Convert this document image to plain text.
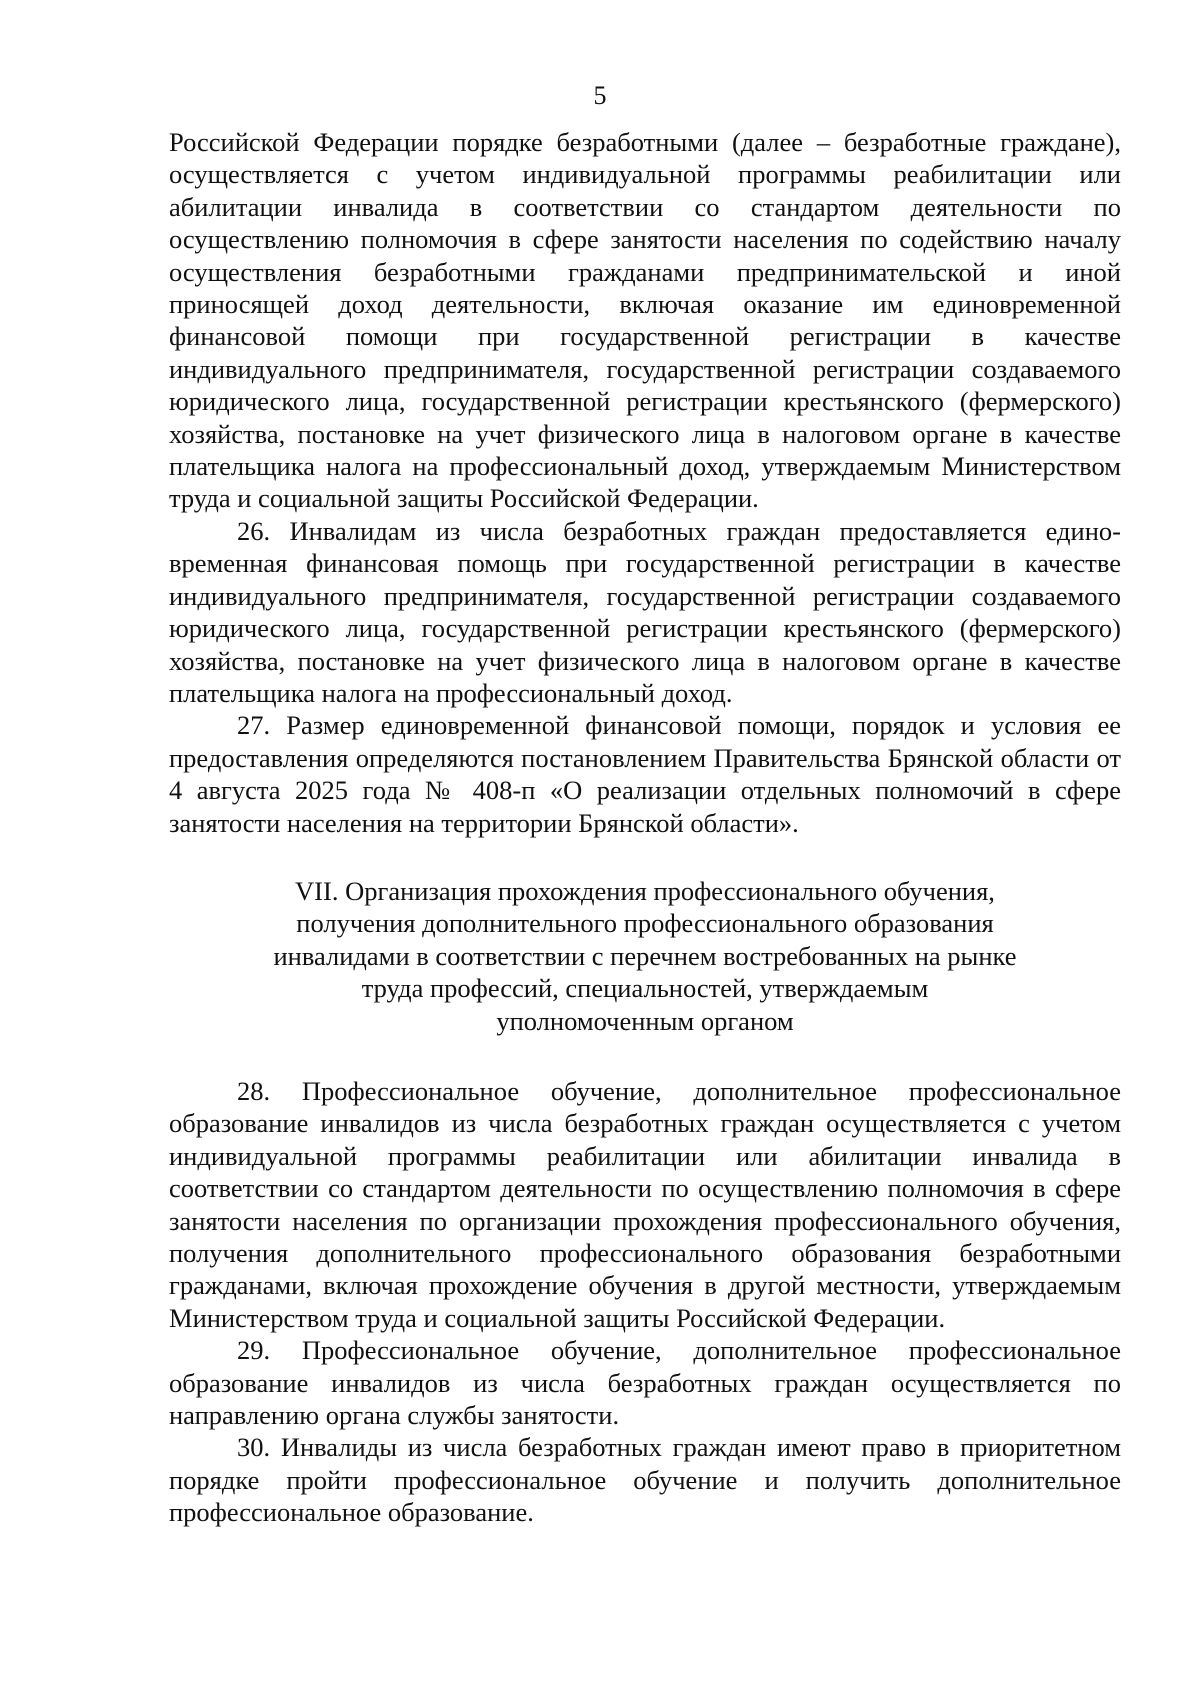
5

Российской Федерации порядке безработными (далее – безработные граждане), осуществляется с учетом индивидуальной программы реабилитации или абилитации инвалида в соответствии со стандартом деятельности по осуществлению полномочия в сфере занятости населения по содействию началу осуществления безработными гражданами предпринимательской и иной приносящей доход деятельности, включая оказание им единовременной финансовой помощи при государственной регистрации в качестве индивидуального предпринимателя, государственной регистрации создаваемого юридического лица, государственной регистрации крестьянского (фермерского) хозяйства, постановке на учет физического лица в налоговом органе в качестве плательщика налога на профессиональный доход, утверждаемым Министерством труда и социальной защиты Российской Федерации.

26. Инвалидам из числа безработных граждан предоставляется единовременная финансовая помощь при государственной регистрации в качестве индивидуального предпринимателя, государственной регистрации создаваемого юридического лица, государственной регистрации крестьянского (фермерского) хозяйства, постановке на учет физического лица в налоговом органе в качестве плательщика налога на профессиональный доход.

27. Размер единовременной финансовой помощи, порядок и условия ее предоставления определяются постановлением Правительства Брянской области от 4 августа 2025 года № 408-п «О реализации отдельных полномочий в сфере занятости населения на территории Брянской области».

VII. Организация прохождения профессионального обучения,
получения дополнительного профессионального образования
инвалидами в соответствии с перечнем востребованных на рынке
труда профессий, специальностей, утверждаемым
уполномоченным органом

28. Профессиональное обучение, дополнительное профессиональное образование инвалидов из числа безработных граждан осуществляется с учетом индивидуальной программы реабилитации или абилитации инвалида в соответствии со стандартом деятельности по осуществлению полномочия в сфере занятости населения по организации прохождения профессионального обучения, получения дополнительного профессионального образования безработными гражданами, включая прохождение обучения в другой местности, утверждаемым Министерством труда и социальной защиты Российской Федерации.

29. Профессиональное обучение, дополнительное профессиональное образование инвалидов из числа безработных граждан осуществляется по направлению органа службы занятости.

30. Инвалиды из числа безработных граждан имеют право в приоритетном порядке пройти профессиональное обучение и получить дополнительное профессиональное образование.
